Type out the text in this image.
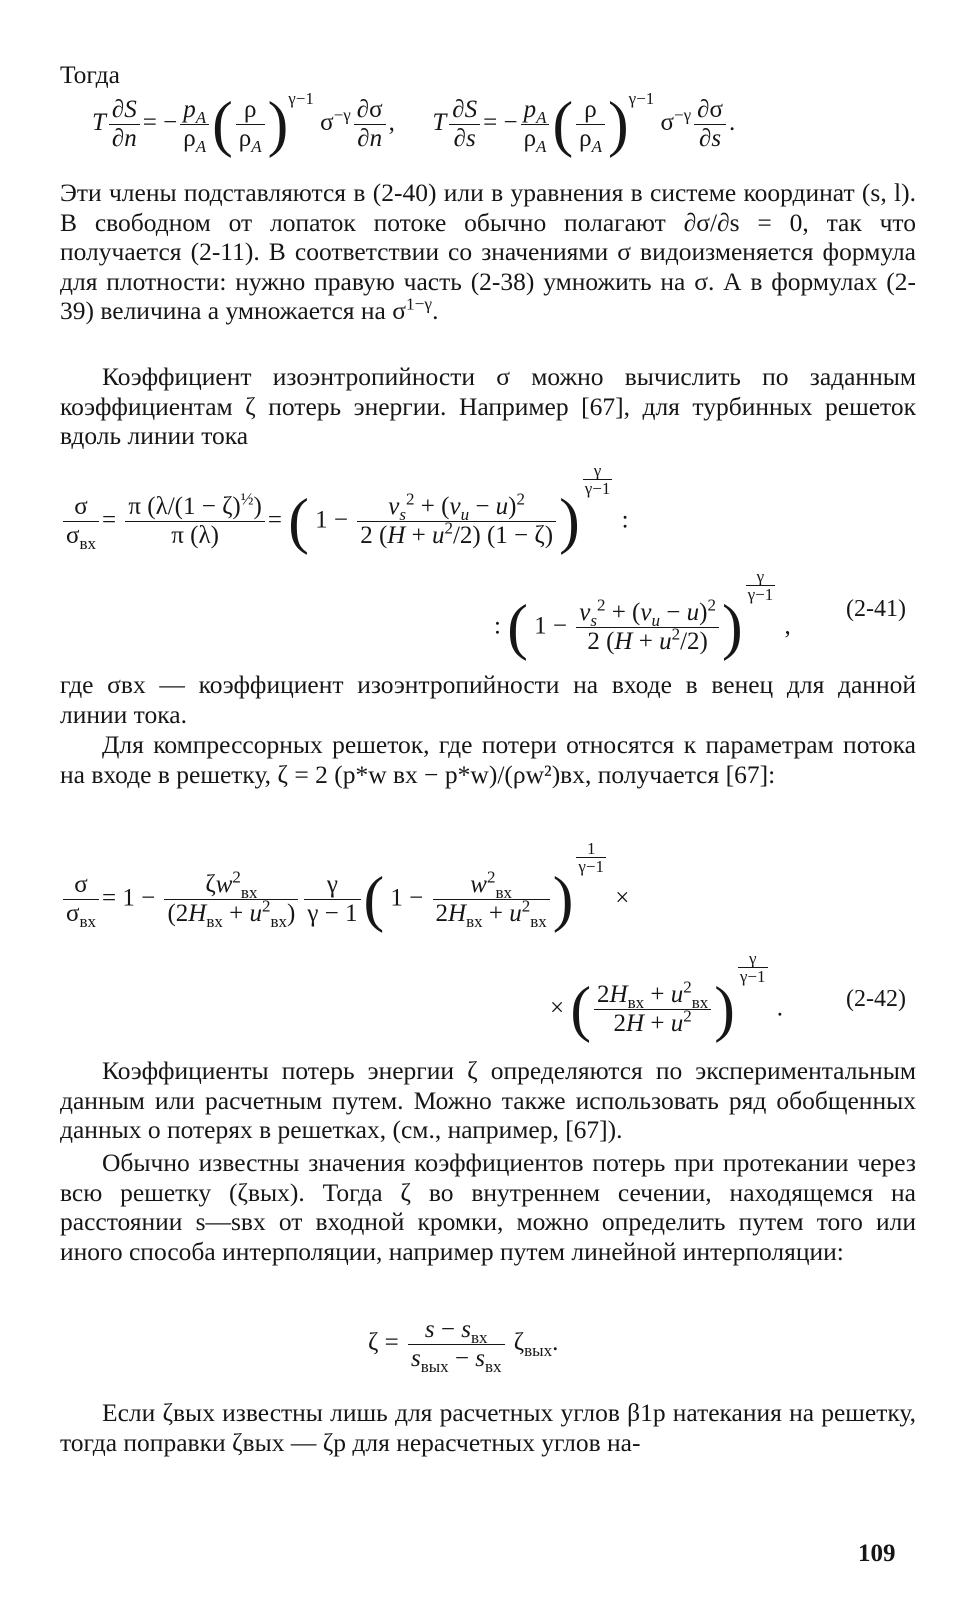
Тогда

T $\frac{\partial S}{\partial n}$ = − $\frac{p_A}{\rho_A}$ ( $\frac{\rho}{\rho_A} )^{\gamma-1}$ $\sigma^{-\gamma} \frac{\partial\sigma}{\partial n}$ ,      T $\frac{\partial S}{\partial s}$ = − $\frac{p_A}{\rho_A}$ ( $\frac{\rho}{\rho_A} )^{\gamma-1}$ $\sigma^{-\gamma} \frac{\partial\sigma}{\partial s}$ .

Эти члены подставляются в (2-40) или в уравнения в системе координат (s, l). В свободном от лопаток потоке обычно полагают ∂σ/∂s = 0, так что получается (2-11). В соответствии со значениями σ видоизменяется формула для плотности: нужно правую часть (2-38) умножить на σ. А в формулах (2-39) величина a умножается на $\sigma^{1-\gamma}$.

Коэффициент изоэнтропийности σ можно вычислить по заданным коэффициентам ζ потерь энергии. Например [67], для турбинных решеток вдоль линии тока

σ
$\sigma_{вх}$
= $\frac{\pi (\lambda/(1 - \zeta)^{\frac{1}{2}})}{\pi (\lambda)}$ = ( $1 - \frac{v_s^2 + (v_u - u)^2}{2 (H + u^2/2) (1 - \zeta)}$ )
$^{\frac{\gamma}{\gamma-1}}$
:
: ( $1 - \frac{v_s^2 + (v_u - u)^2}{2 (H + u^2/2)}$ )
$^{\frac{\gamma}{\gamma-1}}$
,
(2-41)

где σвх — коэффициент изоэнтропийности на входе в венец для данной линии тока.

Для компрессорных решеток, где потери относятся к параметрам потока на входе в решетку, ζ = 2 (p*w вх − p*w)/(ρw²)вх, получается [67]:

σ
$\sigma_{вх}$
= 1 −	$\zeta w^2_{вх}$
$(2H_{вх} + u^2_{вх}) \frac{\gamma}{\gamma - 1}$ ( 1 −	$w^2_{вх}$
$2H_{вх} + u^2_{вх}$ )
$^{\frac{1}{\gamma-1}}$
×
× ( $2H_{вх} + u^2_{вх}$
$2H + u^2$ )
$^{\frac{\gamma}{\gamma-1}}$
.	(2-42)

Коэффициенты потерь энергии ζ определяются по экспериментальным данным или расчетным путем. Можно также использовать ряд обобщенных данных о потерях в решетках, (см., например, [67]).

Обычно известны значения коэффициентов потерь при протекании через всю решетку (ζвых). Тогда ζ во внутреннем сечении, находящемся на расстоянии s—sвх от входной кромки, можно определить путем того или иного способа интерполяции, например путем линейной интерполяции:

$\zeta = s - s_{вх}$
$s_{вых} - s_{вх}$
$\zeta_{вых}$.

Если ζвых известны лишь для расчетных углов β1р натекания на решетку, тогда поправки ζвых — ζр для нерасчетных углов на-

109
